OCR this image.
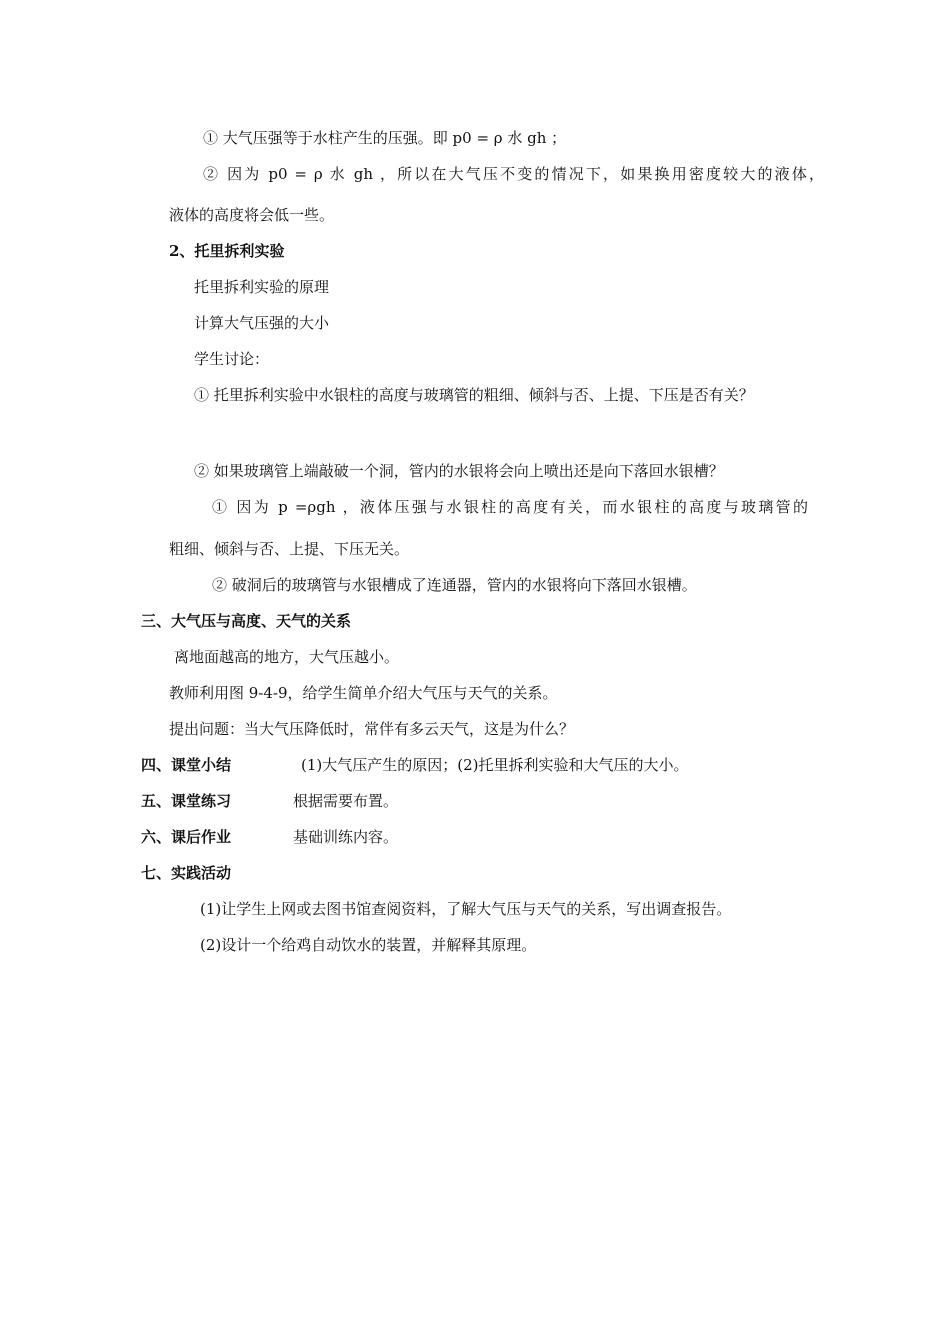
① 大气压强等于水柱产生的压强。即 p0 = ρ 水 gh ；
② 因为 p0 = ρ 水 gh ，所以在大气压不变的情况下，如果换用密度较大的液体，
液体的高度将会低一些。
2、托里拆利实验
托里拆利实验的原理
计算大气压强的大小
学生讨论：
① 托里拆利实验中水银柱的高度与玻璃管的粗细、倾斜与否、上提、下压是否有关？
② 如果玻璃管上端敲破一个洞，管内的水银将会向上喷出还是向下落回水银槽？
① 因为 p =ρgh ，液体压强与水银柱的高度有关，而水银柱的高度与玻璃管的
粗细、倾斜与否、上提、下压无关。
② 破洞后的玻璃管与水银槽成了连通器，管内的水银将向下落回水银槽。
三、大气压与高度、天气的关系
离地面越高的地方，大气压越小。
教师利用图 9-4-9，给学生简单介绍大气压与天气的关系。
提出问题：当大气压降低时，常伴有多云天气，这是为什么？
四、课堂小结	(1)大气压产生的原因；(2)托里拆利实验和大气压的大小。
五、课堂练习	根据需要布置。
六、课后作业	基础训练内容。
七、实践活动
(1)让学生上网或去图书馆查阅资料，了解大气压与天气的关系，写出调查报告。
(2)设计一个给鸡自动饮水的装置，并解释其原理。
